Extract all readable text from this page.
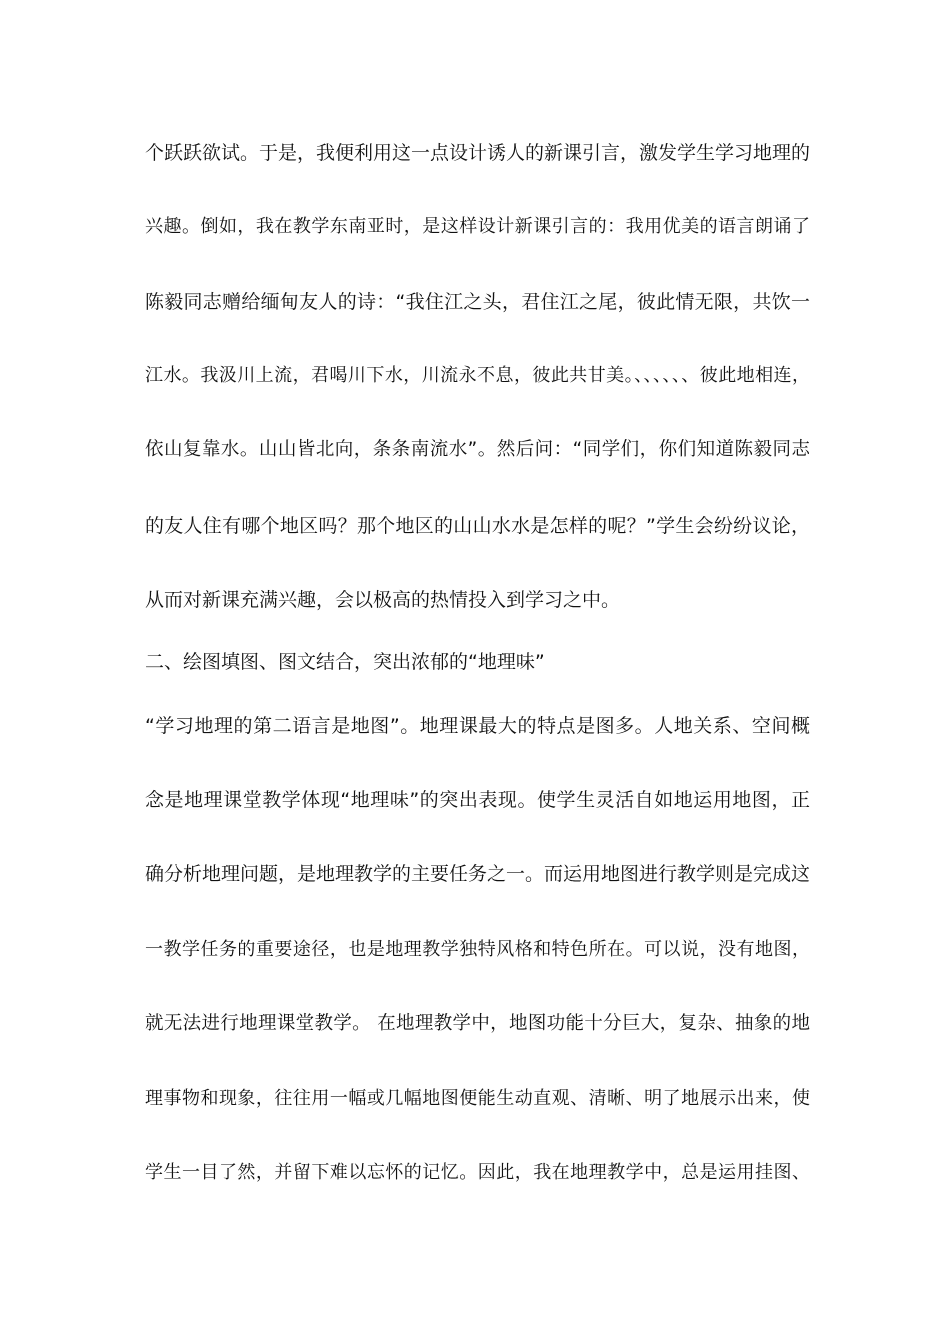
个跃跃欲试。于是，我便利用这一点设计诱人的新课引言，激发学生学习地理的
兴趣。倒如，我在教学东南亚时，是这样设计新课引言的：我用优美的语言朗诵了
陈毅同志赠给缅甸友人的诗：“我住江之头，君住江之尾，彼此情无限，共饮一
江水。我汲川上流，君喝川下水，川流永不息，彼此共甘美。、、、、、、彼此地相连，
依山复靠水。山山皆北向，条条南流水”。然后问：“同学们，你们知道陈毅同志
的友人住有哪个地区吗？那个地区的山山水水是怎样的呢？”学生会纷纷议论，
从而对新课充满兴趣，会以极高的热情投入到学习之中。
二、绘图填图、图文结合，突出浓郁的“地理味”
“学习地理的第二语言是地图”。地理课最大的特点是图多。人地关系、空间概
念是地理课堂教学体现“地理味”的突出表现。使学生灵活自如地运用地图，正
确分析地理问题，是地理教学的主要任务之一。而运用地图进行教学则是完成这
一教学任务的重要途径，也是地理教学独特风格和特色所在。可以说，没有地图，
就无法进行地理课堂教学。 在地理教学中，地图功能十分巨大，复杂、抽象的地
理事物和现象，往往用一幅或几幅地图便能生动直观、清晰、明了地展示出来，使
学生一目了然，并留下难以忘怀的记忆。因此，我在地理教学中，总是运用挂图、
